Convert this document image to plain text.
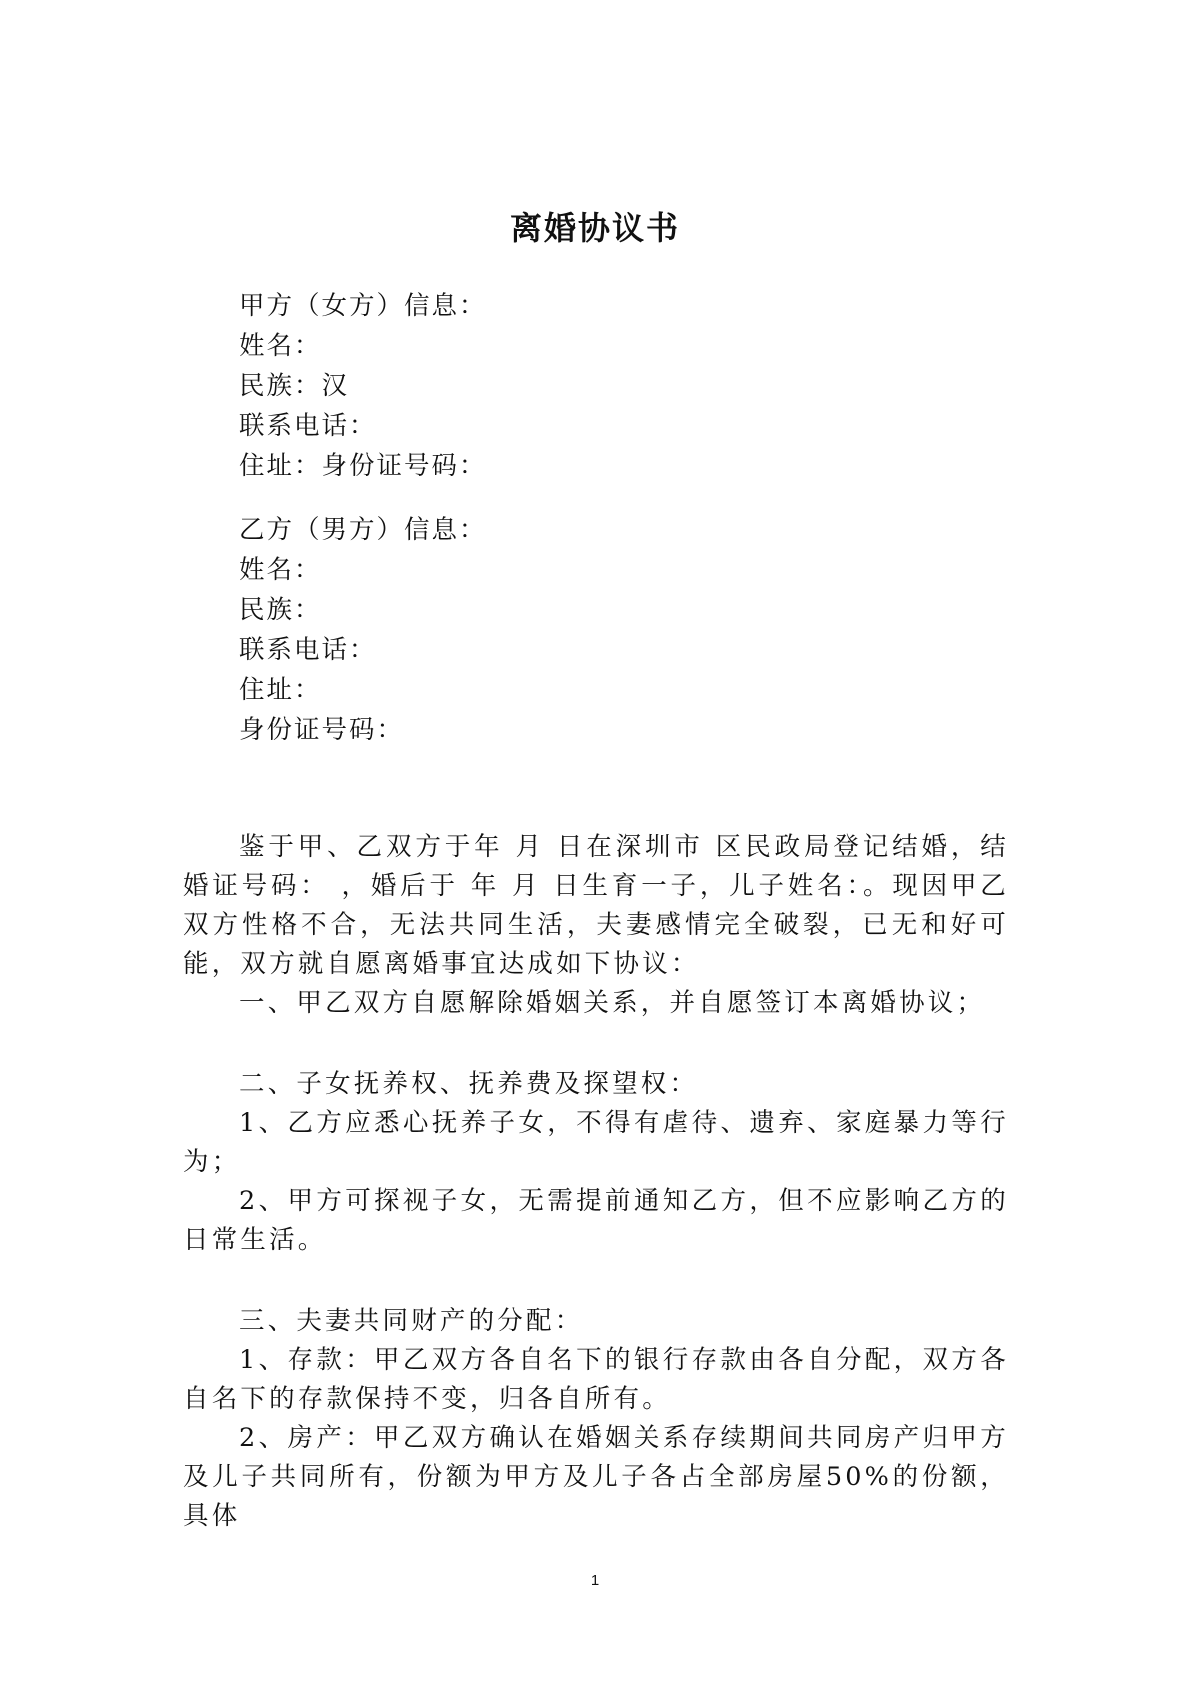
离婚协议书
甲方（女方）信息：
姓名：
民族：汉
联系电话：
住址：身份证号码：
乙方（男方）信息：
姓名：
民族：
联系电话：
住址：
身份证号码：

鉴于甲、乙双方于年 月 日在深圳市 区民政局登记结婚，结婚证号码： ，婚后于 年 月 日生育一子，儿子姓名：。现因甲乙双方性格不合，无法共同生活，夫妻感情完全破裂，已无和好可能，双方就自愿离婚事宜达成如下协议：

一、甲乙双方自愿解除婚姻关系，并自愿签订本离婚协议；

二、子女抚养权、抚养费及探望权：

1、乙方应悉心抚养子女，不得有虐待、遗弃、家庭暴力等行为；

2、甲方可探视子女，无需提前通知乙方，但不应影响乙方的日常生活。

三、夫妻共同财产的分配：

1、存款：甲乙双方各自名下的银行存款由各自分配，双方各自名下的存款保持不变，归各自所有。

2、房产：甲乙双方确认在婚姻关系存续期间共同房产归甲方及儿子共同所有，份额为甲方及儿子各占全部房屋50%的份额，具体

1
